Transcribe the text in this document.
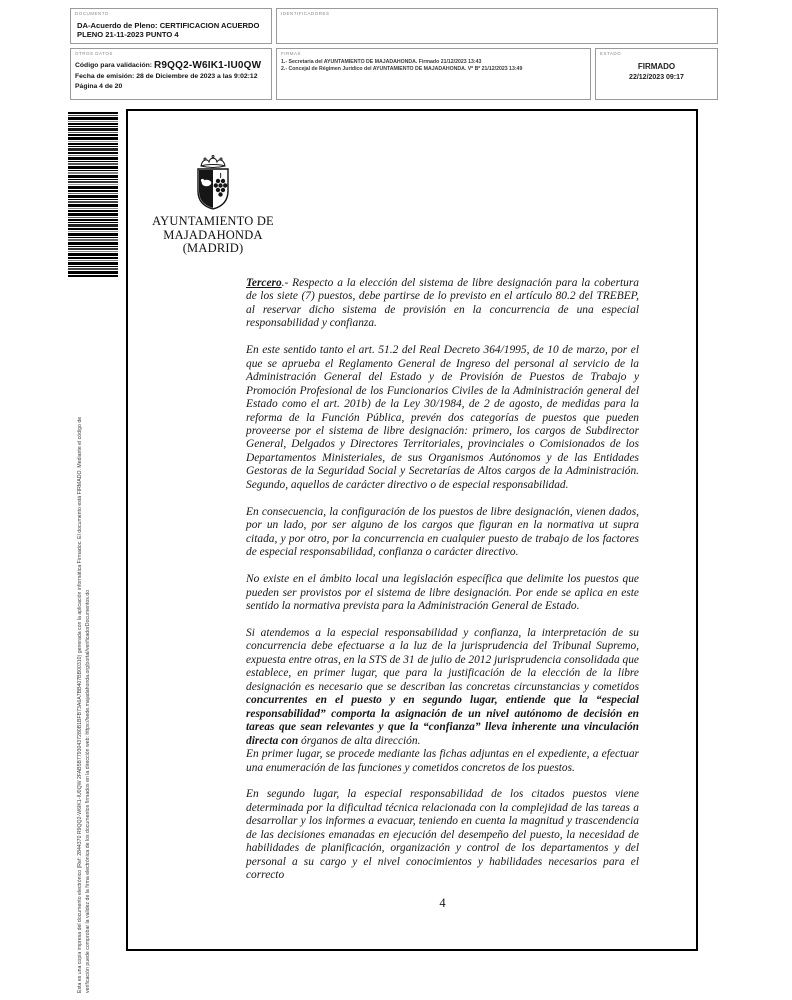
DOCUMENTO
DA-Acuerdo de Pleno: CERTIFICACION ACUERDO
PLENO 21-11-2023 PUNTO 4
IDENTIFICADORES
OTROS DATOS
Código para validación: R9QQ2-W6IK1-IU0QW
Fecha de emisión: 28 de Diciembre de 2023 a las 9:02:12
Página 4 de 20
FIRMAS
1.- Secretaria del AYUNTAMIENTO DE MAJADAHONDA. Firmado 21/12/2023 13:43
2.- Concejal de Régimen Jurídico del AYUNTAMIENTO DE MAJADAHONDA. Vº Bº 21/12/2023 13:49
ESTADO
FIRMADO
22/12/2023 09:17
Esta es una copia impresa del documento electrónico (Ref: 2844370 R9QQ2-W6IK1-IU0QW 2FAB5B77930437280B1BFB73A6A7BB407BB00310) generada con la aplicación informática Firmadoc. El documento está FIRMADO. Mediante el código de verificación puede comprobar la validez de la firma electrónica de los documentos firmados en la dirección web: https://sede.majadahonda.org/portal/verificadorDocumentos.do
AYUNTAMIENTO DE
MAJADAHONDA
(MADRID)

Tercero.- Respecto a la elección del sistema de libre designación para la cobertura de los siete (7) puestos, debe partirse de lo previsto en el artículo 80.2 del TREBEP, al reservar dicho sistema de provisión en la concurrencia de una especial responsabilidad y confianza.

En este sentido tanto el art. 51.2 del Real Decreto 364/1995, de 10 de marzo, por el que se aprueba el Reglamento General de Ingreso del personal al servicio de la Administración General del Estado y de Provisión de Puestos de Trabajo y Promoción Profesional de los Funcionarios Civiles de la Administración general del Estado como el art. 201b) de la Ley 30/1984, de 2 de agosto, de medidas para la reforma de la Función Pública, prevén dos categorías de puestos que pueden proveerse por el sistema de libre designación: primero, los cargos de Subdirector General, Delgados y Directores Territoriales, provinciales o Comisionados de los Departamentos Ministeriales, de sus Organismos Autónomos y de las Entidades Gestoras de la Seguridad Social y Secretarías de Altos cargos de la Administración. Segundo, aquellos de carácter directivo o de especial responsabilidad.

En consecuencia, la configuración de los puestos de libre designación, vienen dados, por un lado, por ser alguno de los cargos que figuran en la normativa ut supra citada, y por otro, por la concurrencia en cualquier puesto de trabajo de los factores de especial responsabilidad, confianza o carácter directivo.

No existe en el ámbito local una legislación específica que delimite los puestos que pueden ser provistos por el sistema de libre designación. Por ende se aplica en este sentido la normativa prevista para la Administración General de Estado.

Si atendemos a la especial responsabilidad y confianza, la interpretación de su concurrencia debe efectuarse a la luz de la jurisprudencia del Tribunal Supremo, expuesta entre otras, en la STS de 31 de julio de 2012 jurisprudencia consolidada que establece, en primer lugar, que para la justificación de la elección de la libre designación es necesario que se describan las concretas circunstancias y cometidos concurrentes en el puesto y en segundo lugar, entiende que la “especial responsabilidad” comporta la asignación de un nivel autónomo de decisión en tareas que sean relevantes y que la “confianza” lleva inherente una vinculación directa con órganos de alta dirección.

En primer lugar, se procede mediante las fichas adjuntas en el expediente, a efectuar una enumeración de las funciones y cometidos concretos de los puestos.

En segundo lugar, la especial responsabilidad de los citados puestos viene determinada por la dificultad técnica relacionada con la complejidad de las tareas a desarrollar y los informes a evacuar, teniendo en cuenta la magnitud y trascendencia de las decisiones emanadas en ejecución del desempeño del puesto, la necesidad de habilidades de planificación, organización y control de los departamentos y del personal a su cargo y el nivel conocimientos y habilidades necesarios para el correcto

4
